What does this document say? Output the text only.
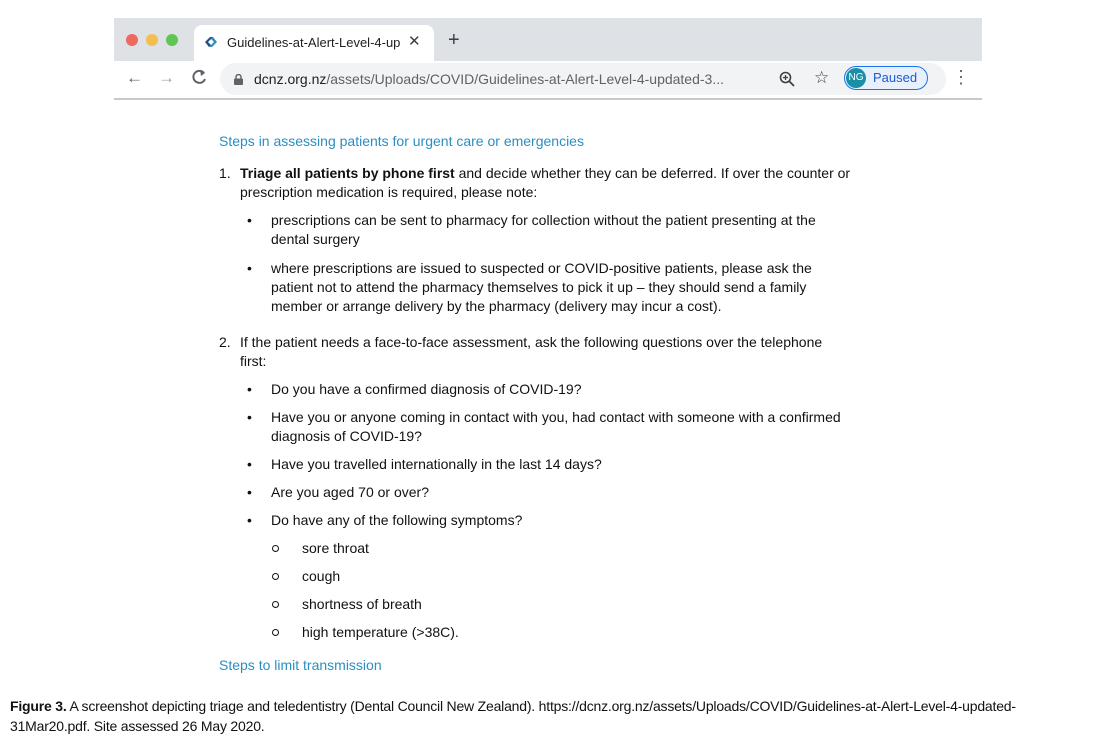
Guidelines-at-Alert-Level-4-up ✕ +
← →	dcnz.org.nz/assets/Uploads/COVID/Guidelines-at-Alert-Level-4-updated-3...	☆ NG Paused ⋮
Steps in assessing patients for urgent care or emergencies
1. Triage all patients by phone first and decide whether they can be deferred. If over the counter or
prescription medication is required, please note:
• prescriptions can be sent to pharmacy for collection without the patient presenting at the
dental surgery
• where prescriptions are issued to suspected or COVID-positive patients, please ask the
patient not to attend the pharmacy themselves to pick it up – they should send a family
member or arrange delivery by the pharmacy (delivery may incur a cost).
2. If the patient needs a face-to-face assessment, ask the following questions over the telephone
first:
• Do you have a confirmed diagnosis of COVID-19?
• Have you or anyone coming in contact with you, had contact with someone with a confirmed
diagnosis of COVID-19?
• Have you travelled internationally in the last 14 days?
• Are you aged 70 or over?
• Do have any of the following symptoms?
sore throat
cough
shortness of breath
high temperature (>38C).
Steps to limit transmission
Figure 3. A screenshot depicting triage and teledentistry (Dental Council New Zealand). https://dcnz.org.nz/assets/Uploads/COVID/Guidelines-at-Alert-Level-4-updated-
31Mar20.pdf. Site assessed 26 May 2020.
